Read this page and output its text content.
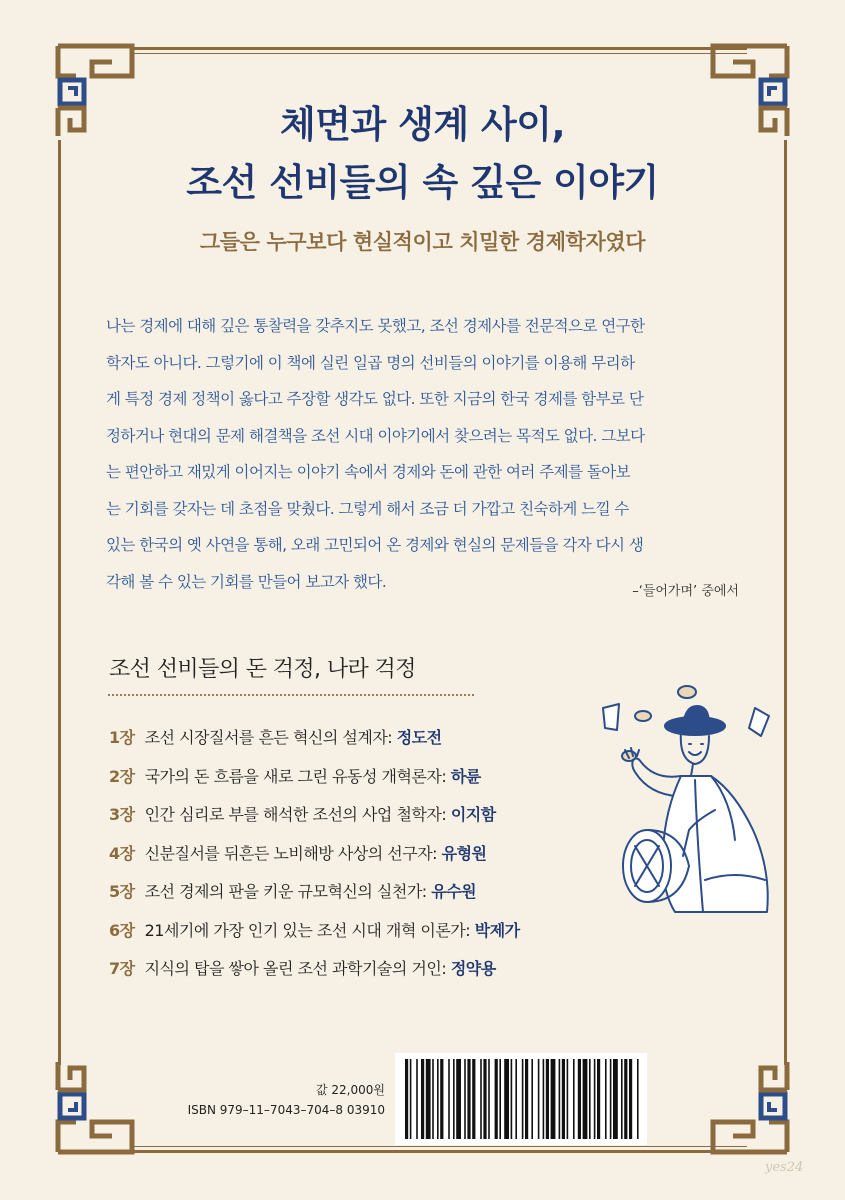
체면과 생계 사이,
조선 선비들의 속 깊은 이야기
그들은 누구보다 현실적이고 치밀한 경제학자였다
나는 경제에 대해 깊은 통찰력을 갖추지도 못했고, 조선 경제사를 전문적으로 연구한
학자도 아니다. 그렇기에 이 책에 실린 일곱 명의 선비들의 이야기를 이용해 무리하
게 특정 경제 정책이 옳다고 주장할 생각도 없다. 또한 지금의 한국 경제를 함부로 단
정하거나 현대의 문제 해결책을 조선 시대 이야기에서 찾으려는 목적도 없다. 그보다
는 편안하고 재밌게 이어지는 이야기 속에서 경제와 돈에 관한 여러 주제를 돌아보
는 기회를 갖자는 데 초점을 맞췄다. 그렇게 해서 조금 더 가깝고 친숙하게 느낄 수
있는 한국의 옛 사연을 통해, 오래 고민되어 온 경제와 현실의 문제들을 각자 다시 생
각해 볼 수 있는 기회를 만들어 보고자 했다.
–‘들어가며’ 중에서
조선 선비들의 돈 걱정, 나라 걱정
1장 조선 시장질서를 흔든 혁신의 설계자: 정도전
2장 국가의 돈 흐름을 새로 그린 유동성 개혁론자: 하륜
3장 인간 심리로 부를 해석한 조선의 사업 철학자: 이지함
4장 신분질서를 뒤흔든 노비해방 사상의 선구자: 유형원
5장 조선 경제의 판을 키운 규모혁신의 실천가: 유수원
6장 21세기에 가장 인기 있는 조선 시대 개혁 이론가: 박제가
7장 지식의 탑을 쌓아 올린 조선 과학기술의 거인: 정약용
값 22,000원
ISBN 979–11–7043–704–8 03910
yes24
